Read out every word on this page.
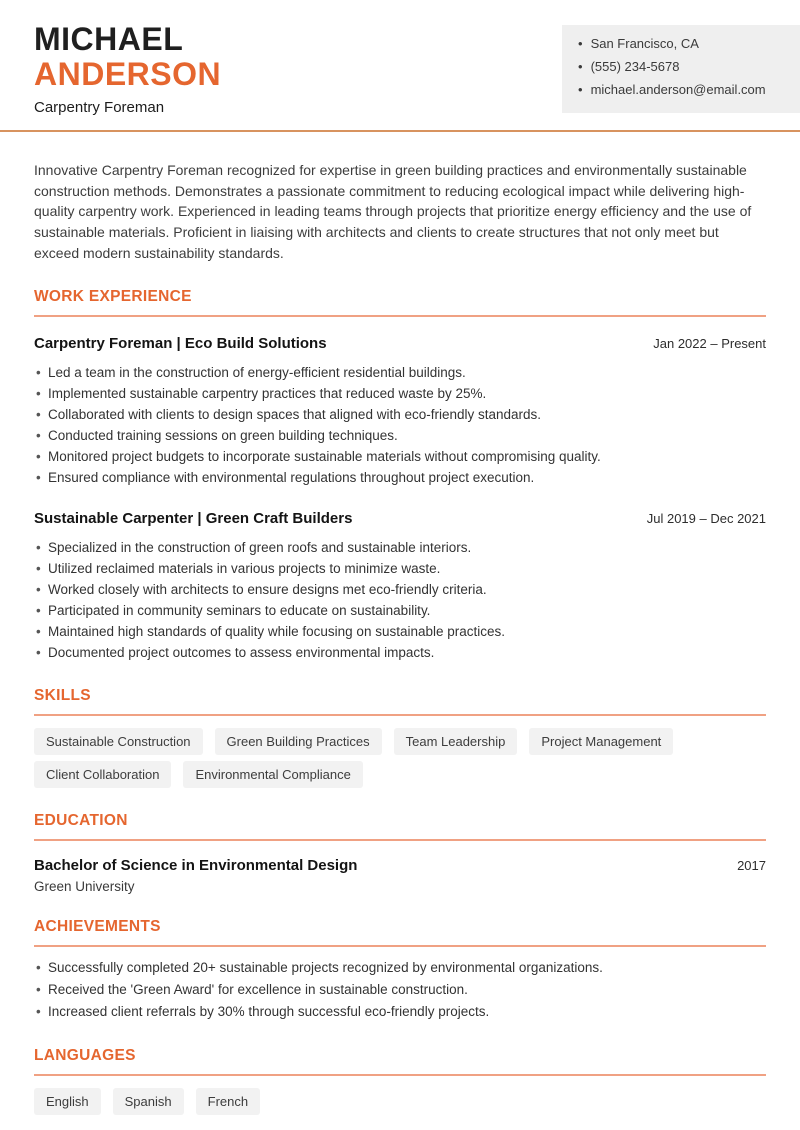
MICHAEL
ANDERSON
Carpentry Foreman
• San Francisco, CA
• (555) 234-5678
• michael.anderson@email.com

Innovative Carpentry Foreman recognized for expertise in green building practices and environmentally sustainable construction methods. Demonstrates a passionate commitment to reducing ecological impact while delivering high-quality carpentry work. Experienced in leading teams through projects that prioritize energy efficiency and the use of sustainable materials. Proficient in liaising with architects and clients to create structures that not only meet but exceed modern sustainability standards.

WORK EXPERIENCE
Carpentry Foreman | Eco Build Solutions	Jan 2022 – Present
• Led a team in the construction of energy-efficient residential buildings.
• Implemented sustainable carpentry practices that reduced waste by 25%.
• Collaborated with clients to design spaces that aligned with eco-friendly standards.
• Conducted training sessions on green building techniques.
• Monitored project budgets to incorporate sustainable materials without compromising quality.
• Ensured compliance with environmental regulations throughout project execution.
Sustainable Carpenter | Green Craft Builders	Jul 2019 – Dec 2021
• Specialized in the construction of green roofs and sustainable interiors.
• Utilized reclaimed materials in various projects to minimize waste.
• Worked closely with architects to ensure designs met eco-friendly criteria.
• Participated in community seminars to educate on sustainability.
• Maintained high standards of quality while focusing on sustainable practices.
• Documented project outcomes to assess environmental impacts.
SKILLS
Sustainable Construction	Green Building Practices	Team Leadership	Project Management
Client Collaboration	Environmental Compliance
EDUCATION
Bachelor of Science in Environmental Design	2017
Green University
ACHIEVEMENTS
• Successfully completed 20+ sustainable projects recognized by environmental organizations.
• Received the 'Green Award' for excellence in sustainable construction.
• Increased client referrals by 30% through successful eco-friendly projects.
LANGUAGES
English	Spanish	French
